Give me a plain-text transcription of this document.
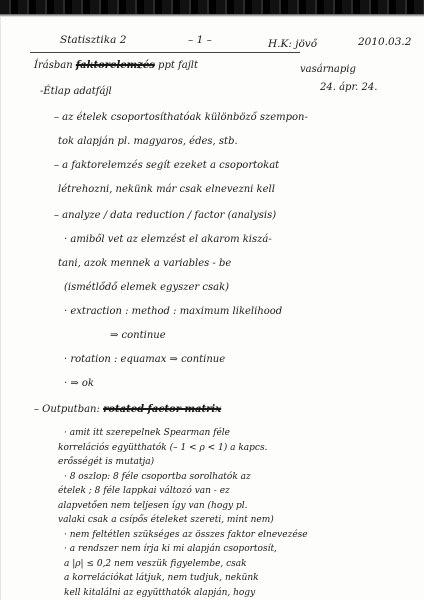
Statisztika 2	– 1 –	H.K: jövő	2010.03.2
Írásban faktorelemzés ppt fajlt	vasárnapig
-Étlap adatfájl	24. ápr. 24.
– az ételek csoportosíthatóak különböző szempon-
tok alapján pl. magyaros, édes, stb.
– a faktorelemzés segít ezeket a csoportokat
létrehozni, nekünk már csak elnevezni kell
– analyze / data reduction / factor (analysis)
· amiből vet az elemzést el akarom kiszá-
tani, azok mennek a variables - be
(ismétlődő elemek egyszer csak)
· extraction : method : maximum likelihood
⇒ continue
· rotation : equamax ⇒ continue
· ⇒ ok
– Outputban: rotated factor matrix
· amit itt szerepelnek Spearman féle
korrelációs együtthatók (– 1 < ρ < 1) a kapcs.
erősségét is mutatja)
· 8 oszlop: 8 féle csoportba sorolhatók az
ételek ; 8 féle lappkai változó van - ez
alapvetően nem teljesen így van (hogy pl.
valaki csak a csípős ételeket szereti, mint nem)
· nem feltétlen szükséges az összes faktor elnevezése
· a rendszer nem írja ki mi alapján csoportosít,
a |ρ| ≤ 0,2 nem veszük figyelembe, csak
a korrelációkat látjuk, nem tudjuk, nekünk
kell kitalálni az együtthatók alapján, hogy
